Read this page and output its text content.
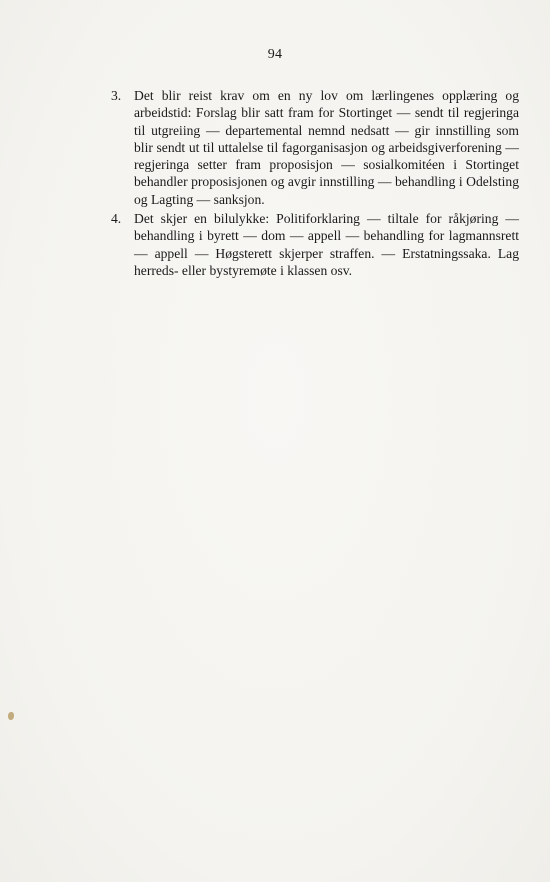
94
3. Det blir reist krav om en ny lov om lærlingenes opplæring og arbeidstid: Forslag blir satt fram for Stortinget — sendt til regjeringa til utgreiing — departemental nemnd nedsatt — gir innstilling som blir sendt ut til uttalelse til fagorganisasjon og arbeidsgiverforening — regjeringa setter fram proposisjon — sosialkomitéen i Stortinget behandler proposisjonen og avgir innstilling — behandling i Odelsting og Lagting — sanksjon.
4. Det skjer en bilulykke: Politiforklaring — tiltale for råkjøring — behandling i byrett — dom — appell — behandling for lagmannsrett — appell — Høgsterett skjerper straffen. — Erstatningssaka. Lag herreds- eller bystyremøte i klassen osv.
